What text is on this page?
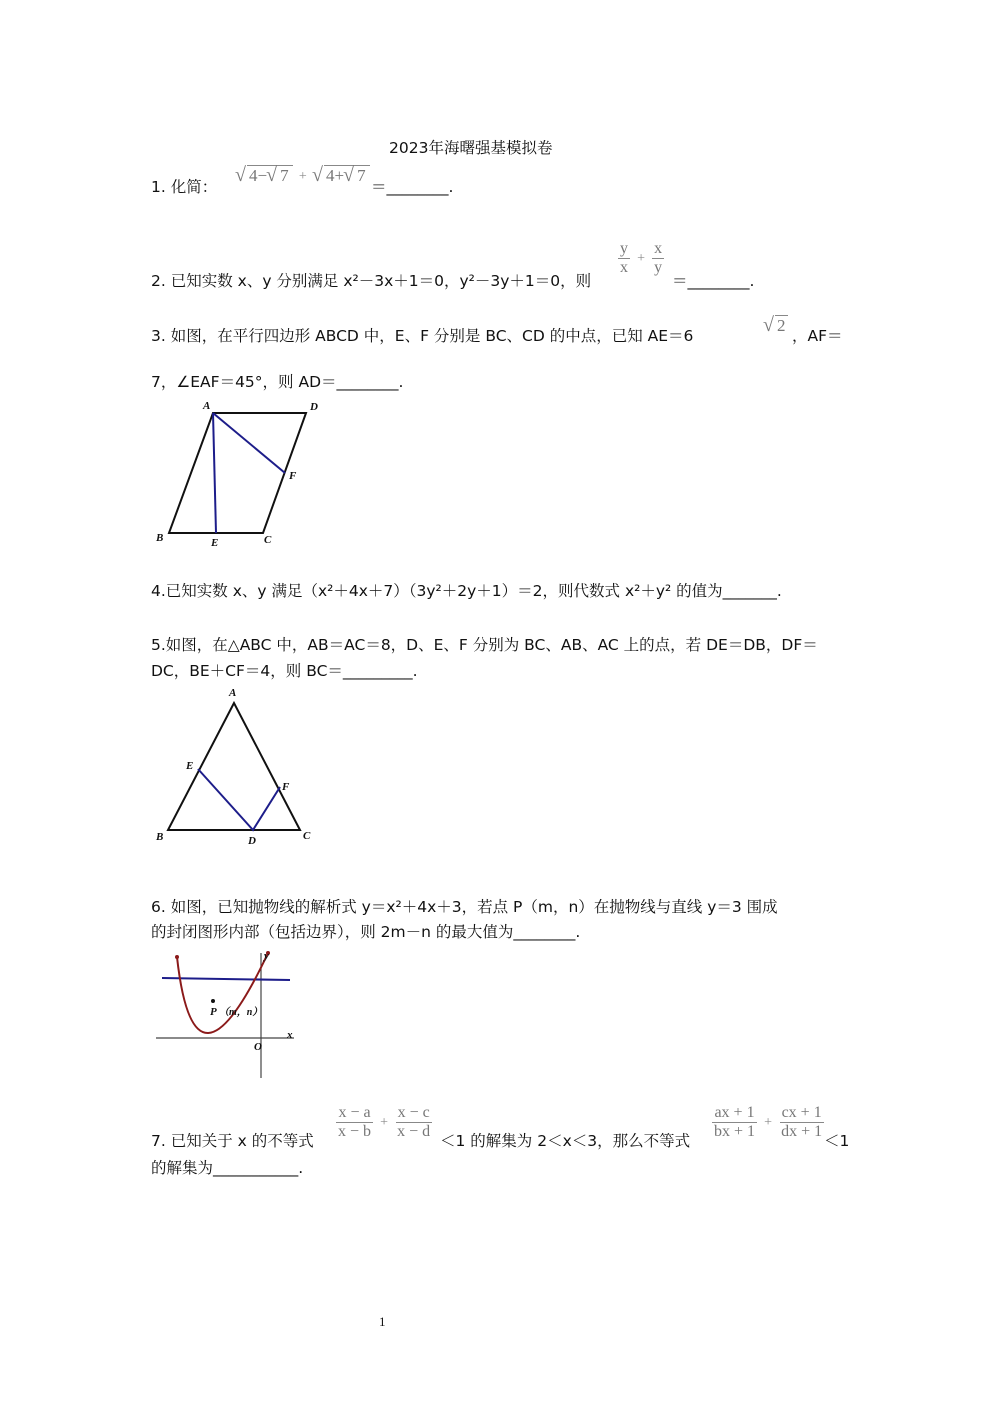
2023年海曙强基模拟卷
1. 化简：
√ 4− √ 7 + √ 4+ √ 7
＝________.
2. 已知实数 x、y 分别满足 x²－3x＋1＝0，y²－3y＋1＝0，则
$\frac{y}{x} + \frac{x}{y}$
＝________.
3. 如图，在平行四边形 ABCD 中，E、F 分别是 BC、CD 的中点，已知 AE＝6
√ 2
，AF＝
7，∠EAF＝45°，则 AD＝________.
A	D
F
B	E	C
4.已知实数 x、y 满足（x²＋4x＋7）（3y²＋2y＋1）＝2，则代数式 x²＋y² 的值为_______.
5.如图，在△ABC 中，AB＝AC＝8，D、E、F 分别为 BC、AB、AC 上的点，若 DE＝DB，DF＝
DC，BE＋CF＝4，则 BC＝_________.
A
E
F
B	D	C
6. 如图，已知抛物线的解析式 y＝x²＋4x＋3，若点 P（m，n）在抛物线与直线 y＝3 围成
的封闭图形内部（包括边界），则 2m－n 的最大值为________.
P （m，n）
O
x
y
7. 已知关于 x 的不等式 $\frac{x - a}{x - b} + \frac{x - c}{x - d} <1$ 的解集为 2＜x＜3，那么不等式 $\frac{ax + 1}{bx + 1} + \frac{cx + 1}{dx + 1} <1$
的解集为___________.
1
